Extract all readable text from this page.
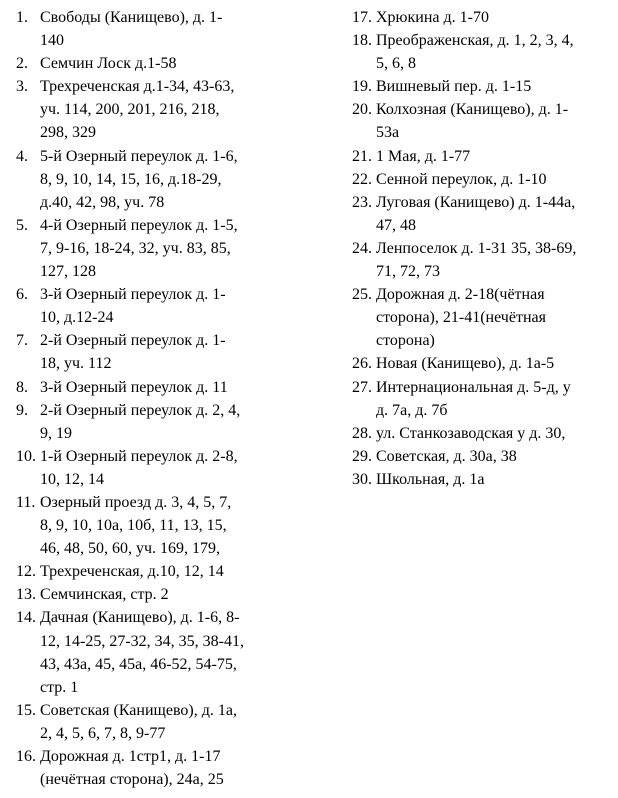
1. Свободы (Канищево), д. 1-
140
2. Семчин Лоск д.1-58
3. Трехреченская д.1-34, 43-63,
уч. 114, 200, 201, 216, 218,
298, 329
4. 5-й Озерный переулок д. 1-6,
8, 9, 10, 14, 15, 16, д.18-29,
д.40, 42, 98, уч. 78
5. 4-й Озерный переулок д. 1-5,
7, 9-16, 18-24, 32, уч. 83, 85,
127, 128
6. 3-й Озерный переулок д. 1-
10, д.12-24
7. 2-й Озерный переулок д. 1-
18, уч. 112
8. 3-й Озерный переулок д. 11
9. 2-й Озерный переулок д. 2, 4,
9, 19
10. 1-й Озерный переулок д. 2-8,
10, 12, 14
11. Озерный проезд д. 3, 4, 5, 7,
8, 9, 10, 10а, 10б, 11, 13, 15,
46, 48, 50, 60, уч. 169, 179,
12. Трехреченская, д.10, 12, 14
13. Семчинская, стр. 2
14. Дачная (Канищево), д. 1-6, 8-
12, 14-25, 27-32, 34, 35, 38-41,
43, 43а, 45, 45а, 46-52, 54-75,
стр. 1
15. Советская (Канищево), д. 1а,
2, 4, 5, 6, 7, 8, 9-77
16. Дорожная д. 1стр1, д. 1-17
(нечётная сторона), 24а, 25
17. Хрюкина д. 1-70
18. Преображенская, д. 1, 2, 3, 4,
5, 6, 8
19. Вишневый пер. д. 1-15
20. Колхозная (Канищево), д. 1-
53а
21. 1 Мая, д. 1-77
22. Сенной переулок, д. 1-10
23. Луговая (Канищево) д. 1-44а,
47, 48
24. Ленпоселок д. 1-31 35, 38-69,
71, 72, 73
25. Дорожная д. 2-18(чётная
сторона), 21-41(нечётная
сторона)
26. Новая (Канищево), д. 1а-5
27. Интернациональная д. 5-д, у
д. 7а, д. 7б
28. ул. Станкозаводская у д. 30,
29. Советская, д. 30а, 38
30. Школьная, д. 1а
